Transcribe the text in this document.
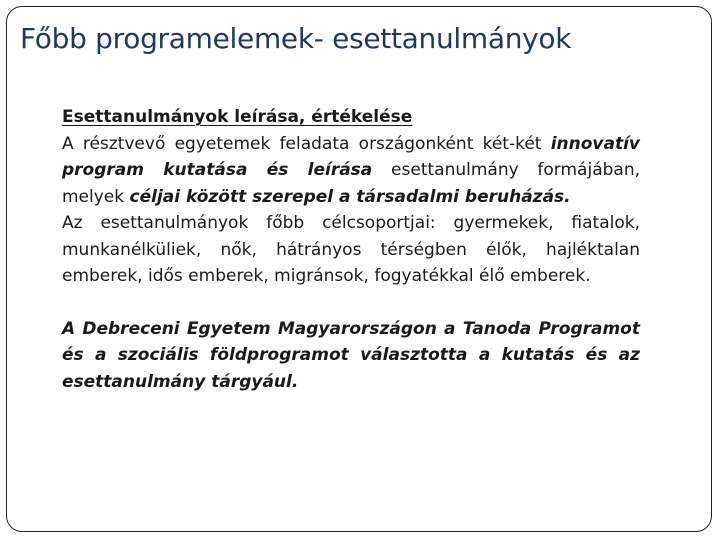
Főbb programelemek- esettanulmányok

Esettanulmányok leírása, értékelése

A résztvevő egyetemek feladata országonként két-két innovatív program kutatása és leírása esettanulmány formájában, melyek céljai között szerepel a társadalmi beruházás.

Az esettanulmányok főbb célcsoportjai: gyermekek, fiatalok, munkanélküliek, nők, hátrányos térségben élők, hajléktalan emberek, idős emberek, migránsok, fogyatékkal élő emberek.

A Debreceni Egyetem Magyarországon a Tanoda Programot és a szociális földprogramot választotta a kutatás és az esettanulmány tárgyául.
